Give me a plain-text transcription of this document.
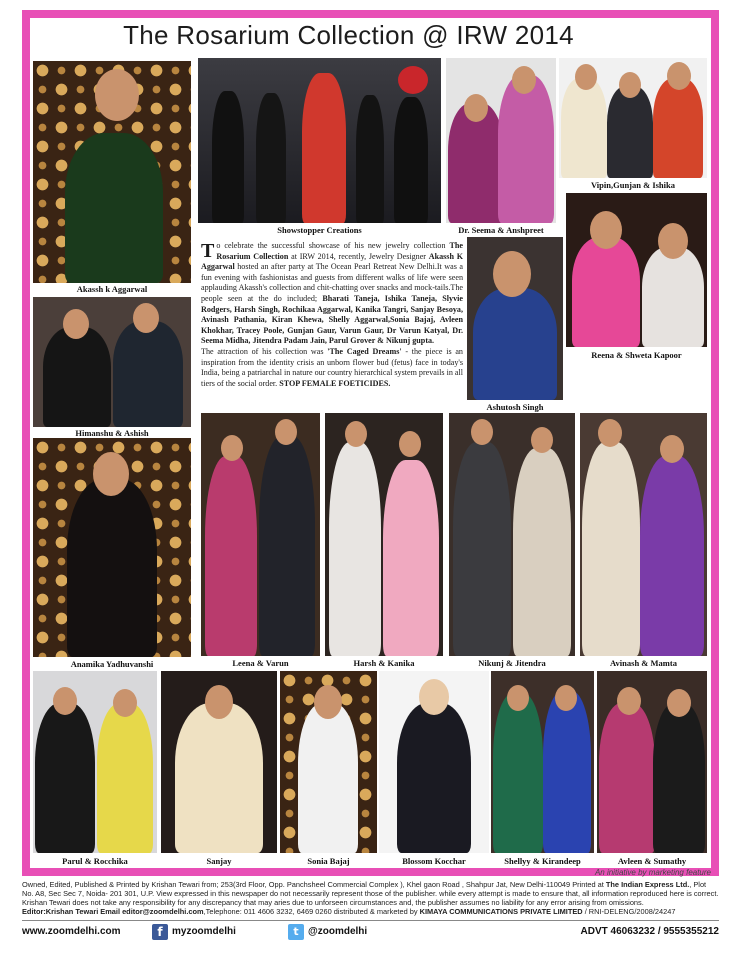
The Rosarium Collection @ IRW 2014
Akassh k Aggarwal
Showstopper Creations	Dr. Seema & Anshpreet
Vipin,Gunjan & Ishika
Himanshu & Ashish

To celebrate the successful showcase of his new jewelry collection The Rosarium Collection at IRW 2014, recently, Jewelry Designer Akassh K Aggarwal hosted an after party at The Ocean Pearl Retreat New Delhi.It was a fun evening with fashionistas and guests from different walks of life were seen applauding Akassh's collection and chit-chatting over snacks and mock-tails.The people seen at the do included; Bharati Taneja, Ishika Taneja, Slyvie Rodgers, Harsh Singh, Rochikaa Aggarwal, Kanika Tangri, Sanjay Besoya, Avinash Pathania, Kiran Khewa, Shelly Aggarwal,Sonia Bajaj, Avleen Khokhar, Tracey Poole, Gunjan Gaur, Varun Gaur, Dr Varun Katyal, Dr. Seema Midha, Jitendra Padam Jain, Parul Grover & Nikunj gupta.

The attraction of his collection was 'The Caged Dreams' - the piece is an inspiration from the identity crisis an unborn flower bud (fetus) face in today's India, being a patriarchal in nature our country hierarchical system prevails in all tiers of the social order. STOP FEMALE FOETICIDES.

Ashutosh Singh
Reena & Shweta Kapoor
Anamika Yadhuvanshi	Leena & Varun	Harsh & Kanika	Nikunj & Jitendra	Avinash & Mamta
Parul & Rocchika	Sanjay	Sonia Bajaj	Blossom Kocchar	Shellyy & Kirandeep	Avleen & Sumathy
An initiative by marketing feature
Owned, Edited, Published & Printed by Krishan Tewari from; 253(3rd Floor, Opp. Panchsheel Commercial Complex ), Khel gaon Road , Shahpur Jat, New Delhi-110049 Printed at The Indian Express Ltd., Plot No. A8, Sec Sec 7, Noida- 201 301, U.P. View expressed in this newspaper do not necessarily represent those of the publisher. while every attempt is made to ensure that, all information reproduced here is correct. Krishan Tewari does not take any responsibility for any discrepancy that may aries due to unforseen circumstances and, the publisher assumes no liability for any error arising from omissions.
Editor:Krishan Tewari Email editor@zoomdelhi.com,Telephone: 011 4606 3232, 6469 0260 distributed & marketed by KIMAYA COMMUNICATIONS PRIVATE LIMITED / RNI-DELENG/2008/24247
www.zoomdelhi.com	f myzoomdelhi	t @zoomdelhi	ADVT 46063232 / 9555355212
